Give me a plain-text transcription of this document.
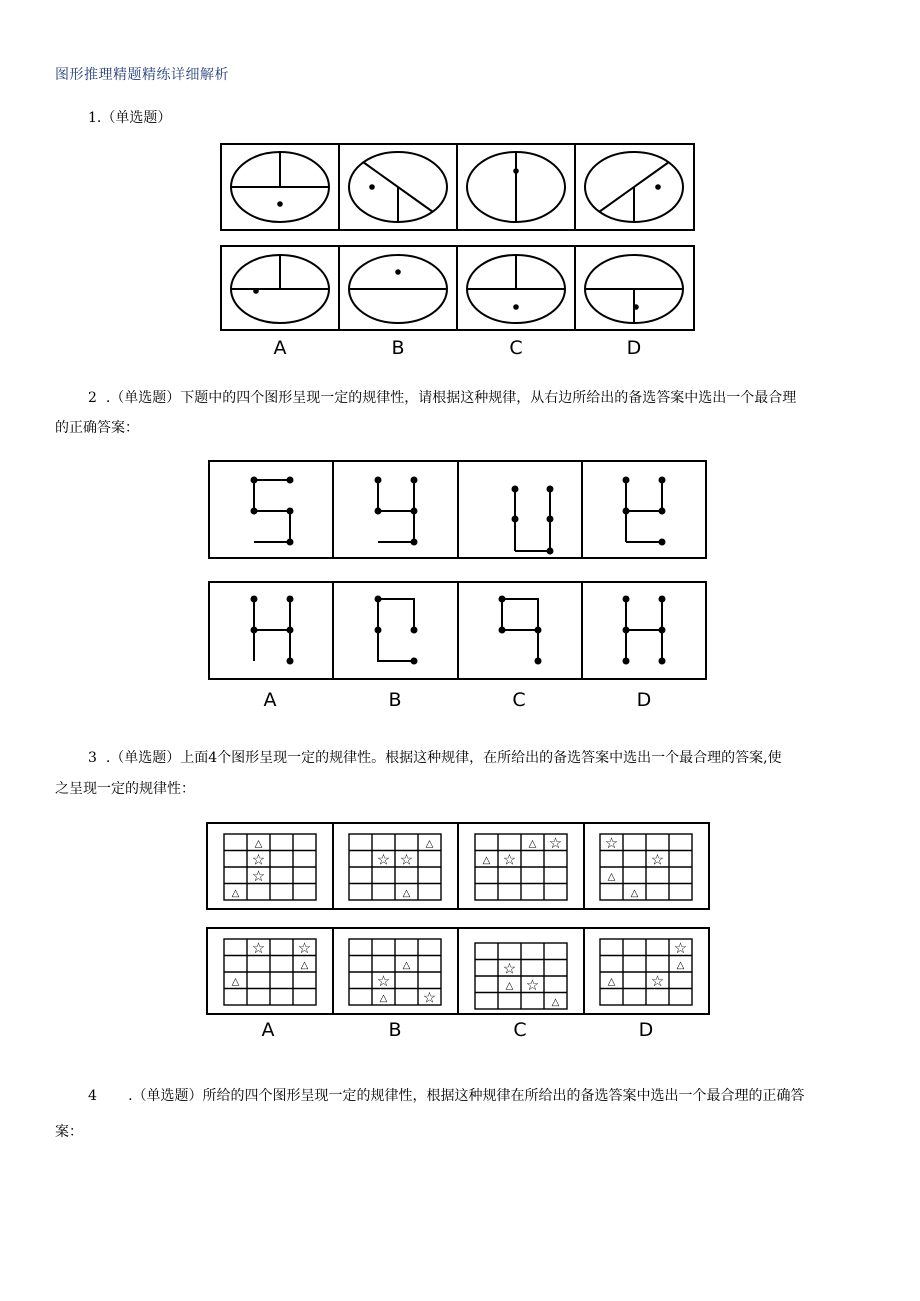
图形推理精题精练详细解析
1.（单选题）
A	B	C	D
2 .（单选题）下题中的四个图形呈现一定的规律性，请根据这种规律，从右边所给出的备选答案中选出一个最合理
的正确答案：
A	B	C	D
3 .（单选题）上面4个图形呈现一定的规律性。根据这种规律，在所给出的备选答案中选出一个最合理的答案,使
之呈现一定的规律性：
△
☆
☆
△
△
☆ ☆
△
△ ☆
△ ☆
☆
☆
△
△
☆ ☆
△
△
△
☆
△ ☆
☆
△ ☆
△
☆
△
△ ☆
A	B	C	D
4 .（单选题）所给的四个图形呈现一定的规律性，根据这种规律在所给出的备选答案中选出一个最合理的正确答
案：
